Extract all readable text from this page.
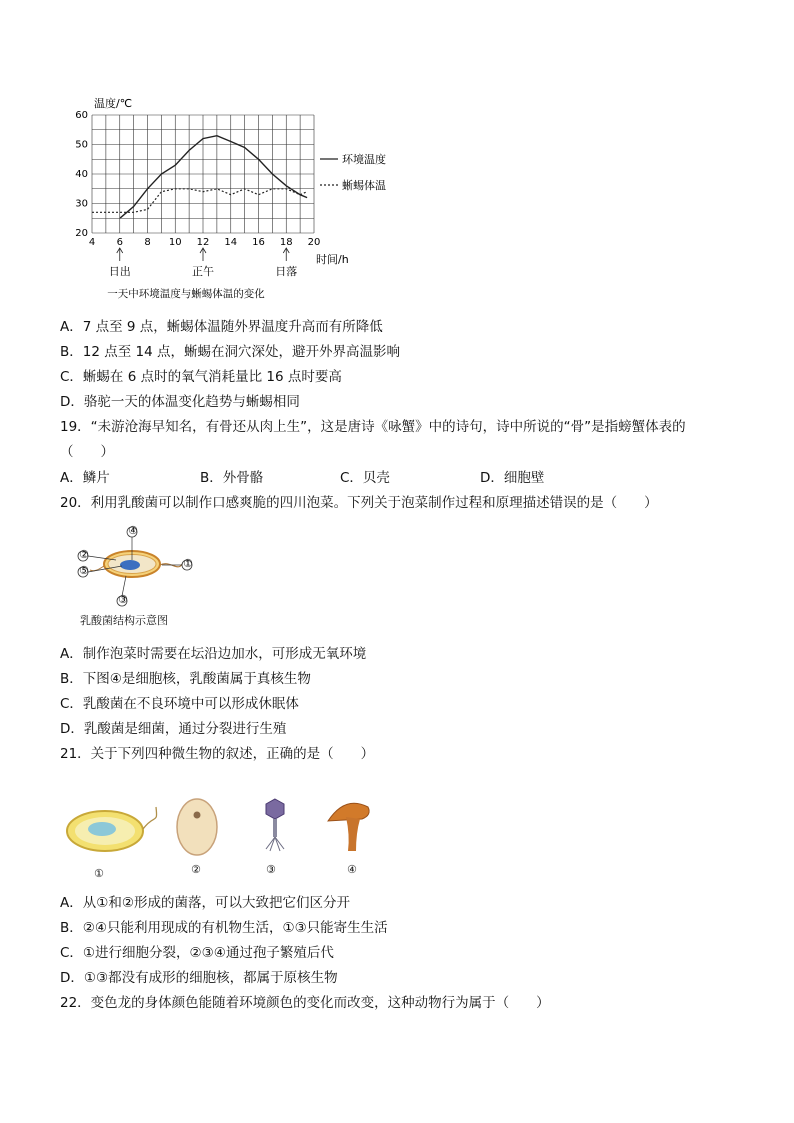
4 6 8 10 12 14 16 18 20
20
30
40
50
60
温度/℃
时间/h
环境温度
蜥蜴体温
日出	正午	日落
一天中环境温度与蜥蜴体温的变化
A．7 点至 9 点，蜥蜴体温随外界温度升高而有所降低
B．12 点至 14 点，蜥蜴在洞穴深处，避开外界高温影响
C．蜥蜴在 6 点时的氧气消耗量比 16 点时要高
D．骆驼一天的体温变化趋势与蜥蜴相同
19．“未游沧海早知名，有骨还从肉上生”，这是唐诗《咏蟹》中的诗句，诗中所说的“骨”是指螃蟹体表的
（　　）
A．鳞片	B．外骨骼	C．贝壳	D．细胞壁
20．利用乳酸菌可以制作口感爽脆的四川泡菜。下列关于泡菜制作过程和原理描述错误的是（　　）
④
②
⑤
③
①
乳酸菌结构示意图
A．制作泡菜时需要在坛沿边加水，可形成无氧环境
B．下图④是细胞核，乳酸菌属于真核生物
C．乳酸菌在不良环境中可以形成休眠体
D．乳酸菌是细菌，通过分裂进行生殖
21．关于下列四种微生物的叙述，正确的是（　　）
①	②	③	④
A．从①和②形成的菌落，可以大致把它们区分开
B．②④只能利用现成的有机物生活，①③只能寄生生活
C．①进行细胞分裂，②③④通过孢子繁殖后代
D．①③都没有成形的细胞核，都属于原核生物
22．变色龙的身体颜色能随着环境颜色的变化而改变，这种动物行为属于（　　）
